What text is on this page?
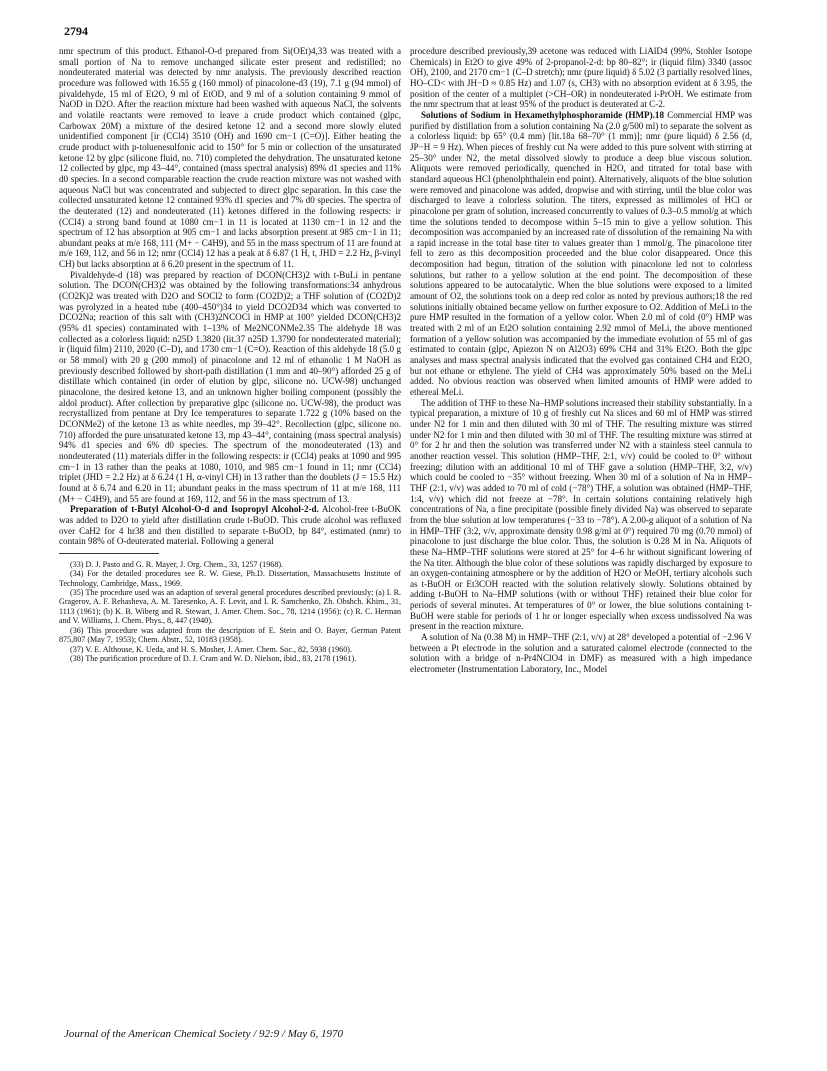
2794

nmr spectrum of this product. Ethanol-O-d prepared from Si(OEt)4,33 was treated with a small portion of Na to remove unchanged silicate ester present and redistilled; no nondeuterated material was detected by nmr analysis. The previously described reaction procedure was followed with 16.55 g (160 mmol) of pinacolone-d3 (19), 7.1 g (94 mmol) of pivaldehyde, 15 ml of Et2O, 9 ml of EtOD, and 9 ml of a solution containing 9 mmol of NaOD in D2O. After the reaction mixture had been washed with aqueous NaCl, the solvents and volatile reactants were removed to leave a crude product which contained (glpc, Carbowax 20M) a mixture of the desired ketone 12 and a second more slowly eluted unidentified component [ir (CCl4) 3510 (OH) and 1690 cm−1 (C=O)]. Either heating the crude product with p-toluenesulfonic acid to 150° for 5 min or collection of the unsaturated ketone 12 by glpc (silicone fluid, no. 710) completed the dehydration. The unsaturated ketone 12 collected by glpc, mp 43–44°, contained (mass spectral analysis) 89% d1 species and 11% d0 species. In a second comparable reaction the crude reaction mixture was not washed with aqueous NaCl but was concentrated and subjected to direct glpc separation. In this case the collected unsaturated ketone 12 contained 93% d1 species and 7% d0 species. The spectra of the deuterated (12) and nondeuterated (11) ketones differed in the following respects: ir (CCl4) a strong band found at 1080 cm−1 in 11 is located at 1130 cm−1 in 12 and the spectrum of 12 has absorption at 905 cm−1 and lacks absorption present at 985 cm−1 in 11; abundant peaks at m/e 168, 111 (M+ − C4H9), and 55 in the mass spectrum of 11 are found at m/e 169, 112, and 56 in 12; nmr (CCl4) 12 has a peak at δ 6.87 (1 H, t, JHD = 2.2 Hz, β-vinyl CH) but lacks absorption at δ 6.20 present in the spectrum of 11.

Pivaldehyde-d (18) was prepared by reaction of DCON(CH3)2 with t-BuLi in pentane solution. The DCON(CH3)2 was obtained by the following transformations:34 anhydrous (CO2K)2 was treated with D2O and SOCl2 to form (CO2D)2; a THF solution of (CO2D)2 was pyrolyzed in a heated tube (400–450°)34 to yield DCO2D34 which was converted to DCO2Na; reaction of this salt with (CH3)2NCOCl in HMP at 100° yielded DCON(CH3)2 (95% d1 species) contaminated with 1–13% of Me2NCONMe2.35 The aldehyde 18 was collected as a colorless liquid: n25D 1.3820 (lit.37 n25D 1.3790 for nondeuterated material); ir (liquid film) 2110, 2020 (C–D), and 1730 cm−1 (C=O). Reaction of this aldehyde 18 (5.0 g or 58 mmol) with 20 g (200 mmol) of pinacolone and 12 ml of ethanolic 1 M NaOH as previously described followed by short-path distillation (1 mm and 40–90°) afforded 25 g of distillate which contained (in order of elution by glpc, silicone no. UCW-98) unchanged pinacolone, the desired ketone 13, and an unknown higher boiling component (possibly the aldol product). After collection by preparative glpc (silicone no. UCW-98), the product was recrystallized from pentane at Dry Ice temperatures to separate 1.722 g (10% based on the DCONMe2) of the ketone 13 as white needles, mp 39–42°. Recollection (glpc, silicone no. 710) afforded the pure unsaturated ketone 13, mp 43–44°, containing (mass spectral analysis) 94% d1 species and 6% d0 species. The spectrum of the monodeuterated (13) and nondeuterated (11) materials differ in the following respects: ir (CCl4) peaks at 1090 and 995 cm−1 in 13 rather than the peaks at 1080, 1010, and 985 cm−1 found in 11; nmr (CCl4) triplet (JHD = 2.2 Hz) at δ 6.24 (1 H, α-vinyl CH) in 13 rather than the doublets (J = 15.5 Hz) found at δ 6.74 and 6.20 in 11; abundant peaks in the mass spectrum of 11 at m/e 168, 111 (M+ − C4H9), and 55 are found at 169, 112, and 56 in the mass spectrum of 13.

Preparation of t-Butyl Alcohol-O-d and Isopropyl Alcohol-2-d. Alcohol-free t-BuOK was added to D2O to yield after distillation crude t-BuOD. This crude alcohol was refluxed over CaH2 for 4 hr38 and then distilled to separate t-BuOD, bp 84°, estimated (nmr) to contain 98% of O-deuterated material. Following a general

(33) D. J. Pasto and G. R. Mayer, J. Org. Chem., 33, 1257 (1968).

(34) For the detailed procedures see R. W. Giese, Ph.D. Dissertation, Massachusetts Institute of Technology, Cambridge, Mass., 1969.

(35) The procedure used was an adaption of several general procedures described previously; (a) I. R. Gragerov, A. F. Rehasheva, A. M. Taresenko, A. F. Levit, and I. R. Samchenko, Zh. Obshch. Khim., 31, 1113 (1961); (b) K. B. Wiberg and R. Stewart, J. Amer. Chem. Soc., 78, 1214 (1956); (c) R. C. Herman and V. Williams, J. Chem. Phys., 8, 447 (1940).

(36) This procedure was adapted from the description of E. Stein and O. Bayer, German Patent 875,807 (May 7, 1953); Chem. Abstr., 52, 10183 (1958).

(37) V. E. Althouse, K. Ueda, and H. S. Mosher, J. Amer. Chem. Soc., 82, 5938 (1960).

(38) The purification procedure of D. J. Cram and W. D. Nielson, ibid., 83, 2178 (1961).

procedure described previously,39 acetone was reduced with LiAlD4 (99%, Stohler Isotope Chemicals) in Et2O to give 49% of 2-propanol-2-d: bp 80–82°; ir (liquid film) 3340 (assoc OH), 2100, and 2170 cm−1 (C–D stretch); nmr (pure liquid) δ 5.02 (3 partially resolved lines, HO–CD< with JH−D ≈ 0.85 Hz) and 1.07 (s, CH3) with no absorption evident at δ 3.95, the position of the center of a multiplet (>CH–OR) in nondeuterated i-PrOH. We estimate from the nmr spectrum that at least 95% of the product is deuterated at C-2.

Solutions of Sodium in Hexamethylphosphoramide (HMP).18 Commercial HMP was purified by distillation from a solution containing Na (2.0 g/500 ml) to separate the solvent as a colorless liquid: bp 65° (0.4 mm) [lit.18a 68–70° (1 mm)]; nmr (pure liquid) δ 2.56 (d, JP−H = 9 Hz). When pieces of freshly cut Na were added to this pure solvent with stirring at 25–30° under N2, the metal dissolved slowly to produce a deep blue viscous solution. Aliquots were removed periodically, quenched in H2O, and titrated for total base with standard aqueous HCl (phenolphthalein end point). Alternatively, aliquots of the blue solution were removed and pinacolone was added, dropwise and with stirring, until the blue color was discharged to leave a colorless solution. The titers, expressed as millimoles of HCl or pinacolone per gram of solution, increased concurrently to values of 0.3–0.5 mmol/g at which time the solutions tended to decompose within 5–15 min to give a yellow solution. This decomposition was accompanied by an increased rate of dissolution of the remaining Na with a rapid increase in the total base titer to values greater than 1 mmol/g. The pinacolone titer fell to zero as this decomposition proceeded and the blue color disappeared. Once this decomposition had begun, titration of the solution with pinacolone led not to colorless solutions, but rather to a yellow solution at the end point. The decomposition of these solutions appeared to be autocatalytic. When the blue solutions were exposed to a limited amount of O2, the solutions took on a deep red color as noted by previous authors;18 the red solutions initially obtained became yellow on further exposure to O2. Addition of MeLi to the pure HMP resulted in the formation of a yellow color. When 2.0 ml of cold (0°) HMP was treated with 2 ml of an Et2O solution containing 2.92 mmol of MeLi, the above mentioned formation of a yellow solution was accompanied by the immediate evolution of 55 ml of gas estimated to contain (glpc, Apiezon N on Al2O3) 69% CH4 and 31% Et2O. Both the glpc analyses and mass spectral analysis indicated that the evolved gas contained CH4 and Et2O, but not ethane or ethylene. The yield of CH4 was approximately 50% based on the MeLi added. No obvious reaction was observed when limited amounts of HMP were added to ethereal MeLi.

The addition of THF to these Na–HMP solutions increased their stability substantially. In a typical preparation, a mixture of 10 g of freshly cut Na slices and 60 ml of HMP was stirred under N2 for 1 min and then diluted with 30 ml of THF. The resulting mixture was stirred under N2 for 1 min and then diluted with 30 ml of THF. The resulting mixture was stirred at 0° for 2 hr and then the solution was transferred under N2 with a stainless steel cannula to another reaction vessel. This solution (HMP–THF, 2:1, v/v) could be cooled to 0° without freezing; dilution with an additional 10 ml of THF gave a solution (HMP–THF, 3:2, v/v) which could be cooled to −35° without freezing. When 30 ml of a solution of Na in HMP–THF (2:1, v/v) was added to 70 ml of cold (−78°) THF, a solution was obtained (HMP–THF, 1:4, v/v) which did not freeze at −78°. In certain solutions containing relatively high concentrations of Na, a fine precipitate (possible finely divided Na) was observed to separate from the blue solution at low temperatures (−33 to −78°). A 2.00-g aliquot of a solution of Na in HMP–THF (3:2, v/v, approximate density 0.98 g/ml at 0°) required 70 mg (0.70 mmol) of pinacolone to just discharge the blue color. Thus, the solution is 0.28 M in Na. Aliquots of these Na–HMP–THF solutions were stored at 25° for 4–6 hr without significant lowering of the Na titer. Although the blue color of these solutions was rapidly discharged by exposure to an oxygen-containing atmosphere or by the addition of H2O or MeOH, tertiary alcohols such as t-BuOH or Et3COH reacted with the solution relatively slowly. Solutions obtained by adding t-BuOH to Na–HMP solutions (with or without THF) retained their blue color for periods of several minutes. At temperatures of 0° or lower, the blue solutions containing t-BuOH were stable for periods of 1 hr or longer especially when excess undissolved Na was present in the reaction mixture.

A solution of Na (0.38 M) in HMP–THF (2:1, v/v) at 28° developed a potential of −2.96 V between a Pt electrode in the solution and a saturated calomel electrode (connected to the solution with a bridge of n-Pr4NClO4 in DMF) as measured with a high impedance electrometer (Instrumentation Laboratory, Inc., Model

Journal of the American Chemical Society / 92:9 / May 6, 1970
